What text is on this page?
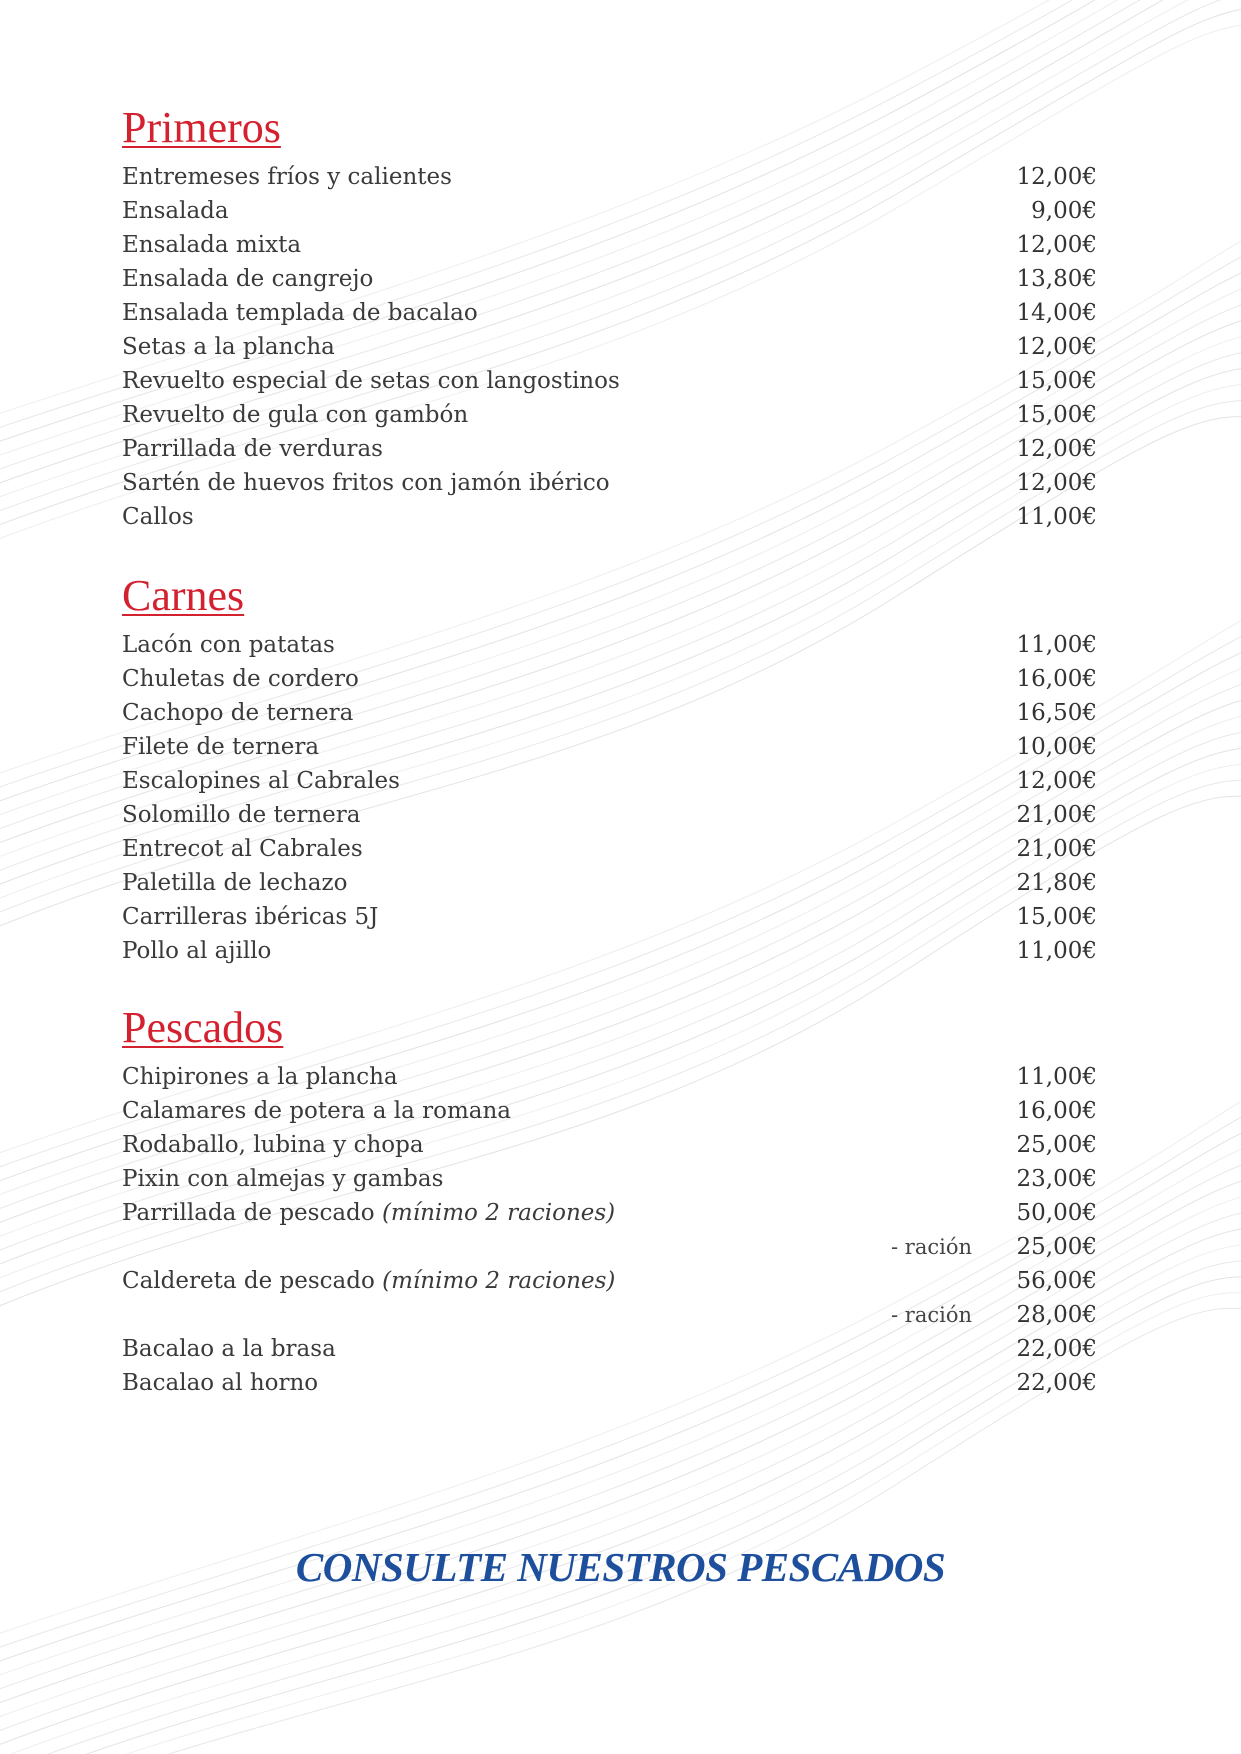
Primeros
Entremeses fríos y calientes	12,00€
Ensalada	9,00€
Ensalada mixta	12,00€
Ensalada de cangrejo	13,80€
Ensalada templada de bacalao	14,00€
Setas a la plancha	12,00€
Revuelto especial de setas con langostinos	15,00€
Revuelto de gula con gambón	15,00€
Parrillada de verduras	12,00€
Sartén de huevos fritos con jamón ibérico	12,00€
Callos	11,00€
Carnes
Lacón con patatas	11,00€
Chuletas de cordero	16,00€
Cachopo de ternera	16,50€
Filete de ternera	10,00€
Escalopines al Cabrales	12,00€
Solomillo de ternera	21,00€
Entrecot al Cabrales	21,00€
Paletilla de lechazo	21,80€
Carrilleras ibéricas 5J	15,00€
Pollo al ajillo	11,00€
Pescados
Chipirones a la plancha	11,00€
Calamares de potera a la romana	16,00€
Rodaballo, lubina y chopa	25,00€
Pixin con almejas y gambas	23,00€
Parrillada de pescado (mínimo 2 raciones)	50,00€
- ración 25,00€
Caldereta de pescado (mínimo 2 raciones)	56,00€
- ración 28,00€
Bacalao a la brasa	22,00€
Bacalao al horno	22,00€
CONSULTE NUESTROS PESCADOS
